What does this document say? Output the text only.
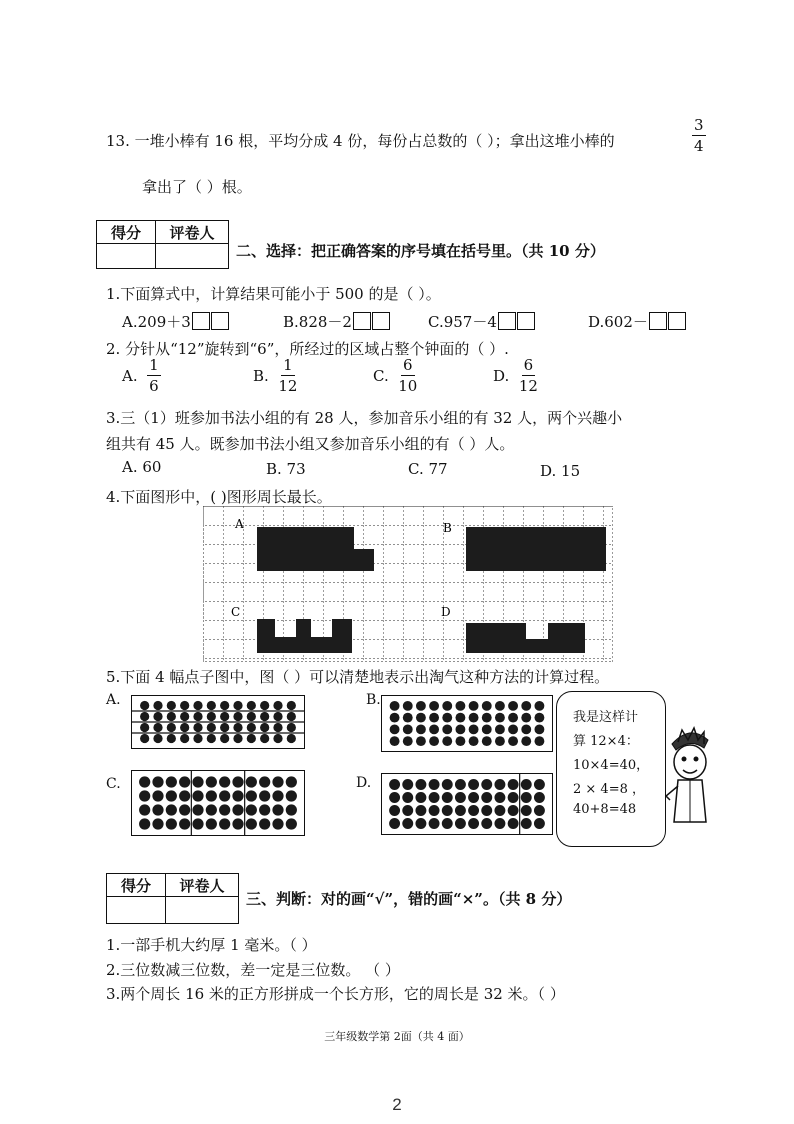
13. 一堆小棒有 16 根，平均分成 4 份，每份占总数的（ ）；拿出这堆小棒的	$\frac{3}{4}$
拿出了（ ）根。
得分	评卷人

二、选择：把正确答案的序号填在括号里。（共 10 分）
1.下面算式中，计算结果可能小于 500 的是（ ）。
A.209＋3	B.828－2	C.957－4	D.602－
2. 分针从“12”旋转到“6”，所经过的区域占整个钟面的（ ）.
A. $\frac{1}{6}$	B. $\frac{1}{12}$	C. $\frac{6}{10}$	D. $\frac{6}{12}$
3.三（1）班参加书法小组的有 28 人，参加音乐小组的有 32 人，两个兴趣小
组共有 45 人。既参加书法小组又参加音乐小组的有（ ）人。
A. 60	B. 73	C. 77	D. 15
4.下面图形中，( )图形周长最长。
A	B
C	D
5.下面 4 幅点子图中，图（ ）可以清楚地表示出淘气这种方法的计算过程。
A.	B.
C.	D.
我是这样计
算 12×4：
10×4=40，
2 × 4=8 ，
40+8=48
得分	评卷人

三、判断：对的画“√”，错的画“×”。（共 8 分）
1.一部手机大约厚 1 毫米。（ ）
2.三位数减三位数，差一定是三位数。 （ ）
3.两个周长 16 米的正方形拼成一个长方形，它的周长是 32 米。（ ）
三年级数学第 2面（共 4 面）
2
